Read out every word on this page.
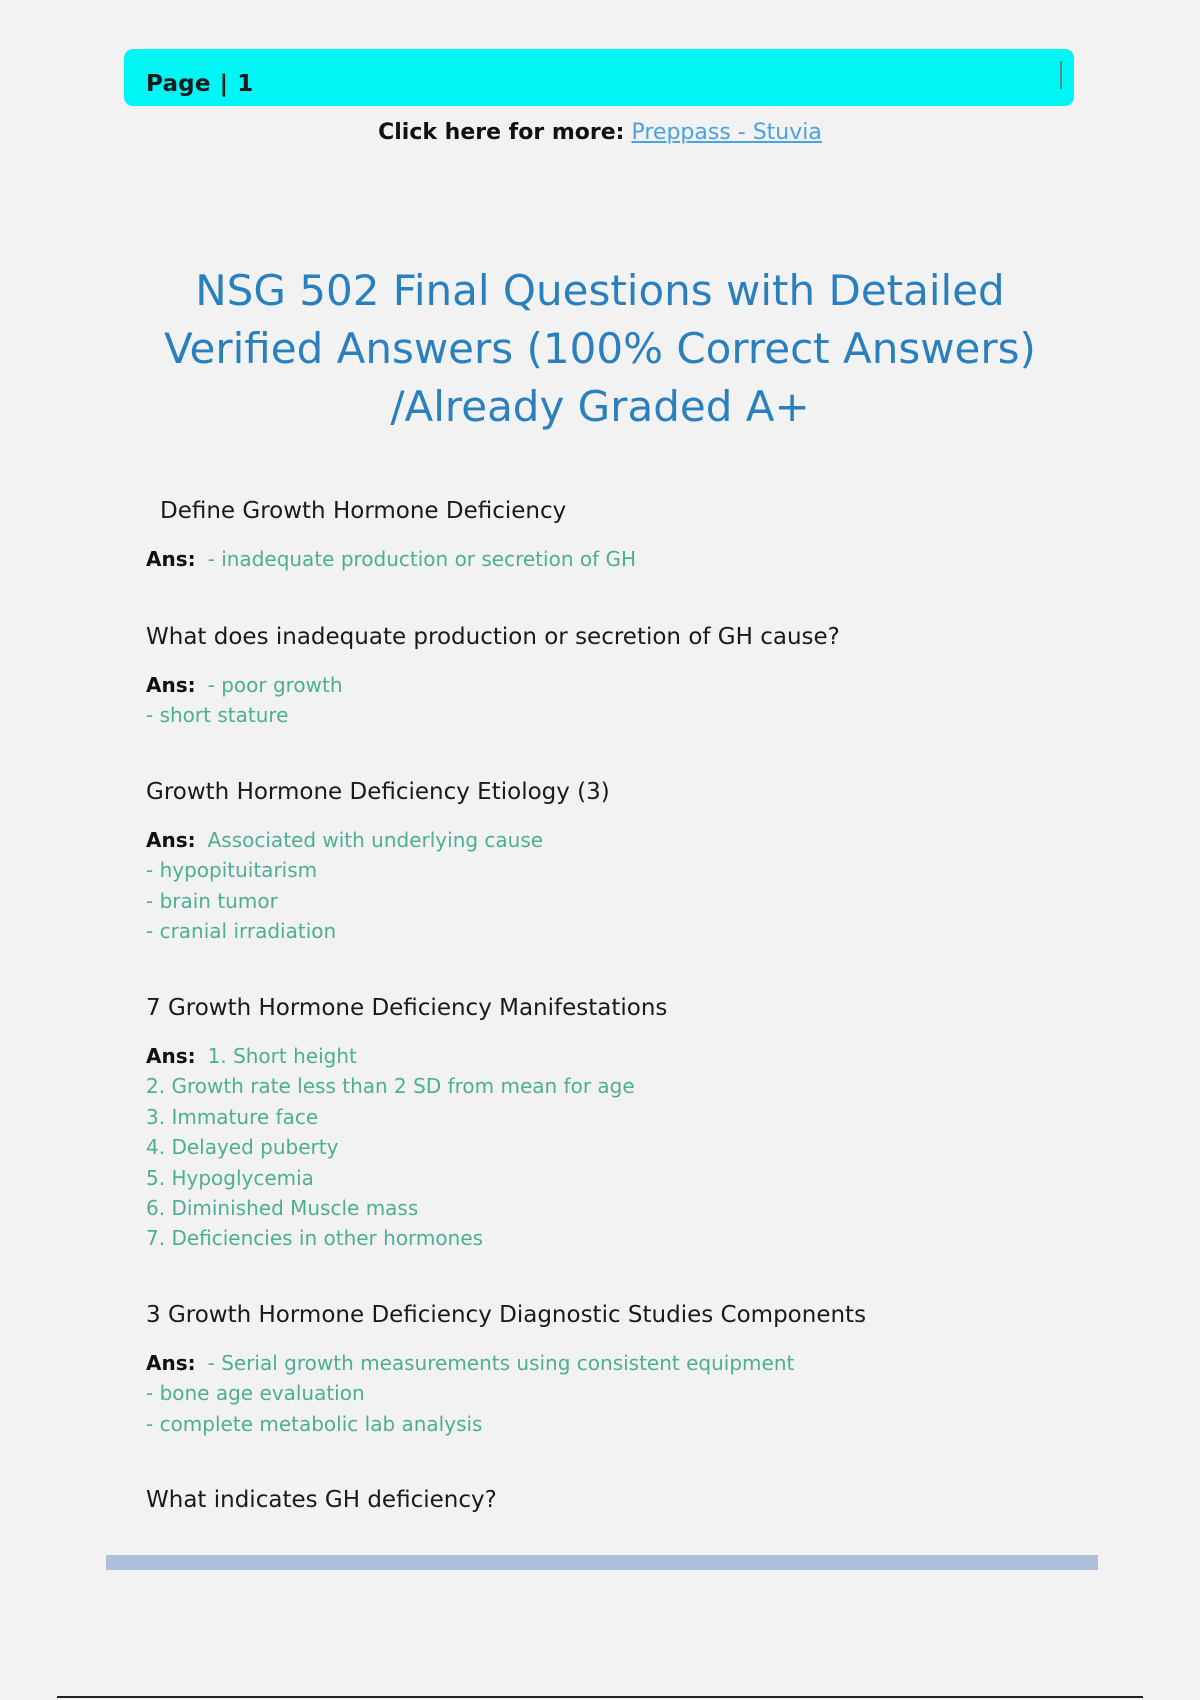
Page | 1
Click here for more: Preppass - Stuvia
NSG 502 Final Questions with Detailed Verified Answers (100% Correct Answers) /Already Graded A+
Define Growth Hormone Deficiency
Ans: - inadequate production or secretion of GH
What does inadequate production or secretion of GH cause?
Ans: - poor growth
- short stature
Growth Hormone Deficiency Etiology (3)
Ans: Associated with underlying cause
- hypopituitarism
- brain tumor
- cranial irradiation
7 Growth Hormone Deficiency Manifestations
Ans: 1. Short height
2. Growth rate less than 2 SD from mean for age
3. Immature face
4. Delayed puberty
5. Hypoglycemia
6. Diminished Muscle mass
7. Deficiencies in other hormones
3 Growth Hormone Deficiency Diagnostic Studies Components
Ans: - Serial growth measurements using consistent equipment
- bone age evaluation
- complete metabolic lab analysis
What indicates GH deficiency?
